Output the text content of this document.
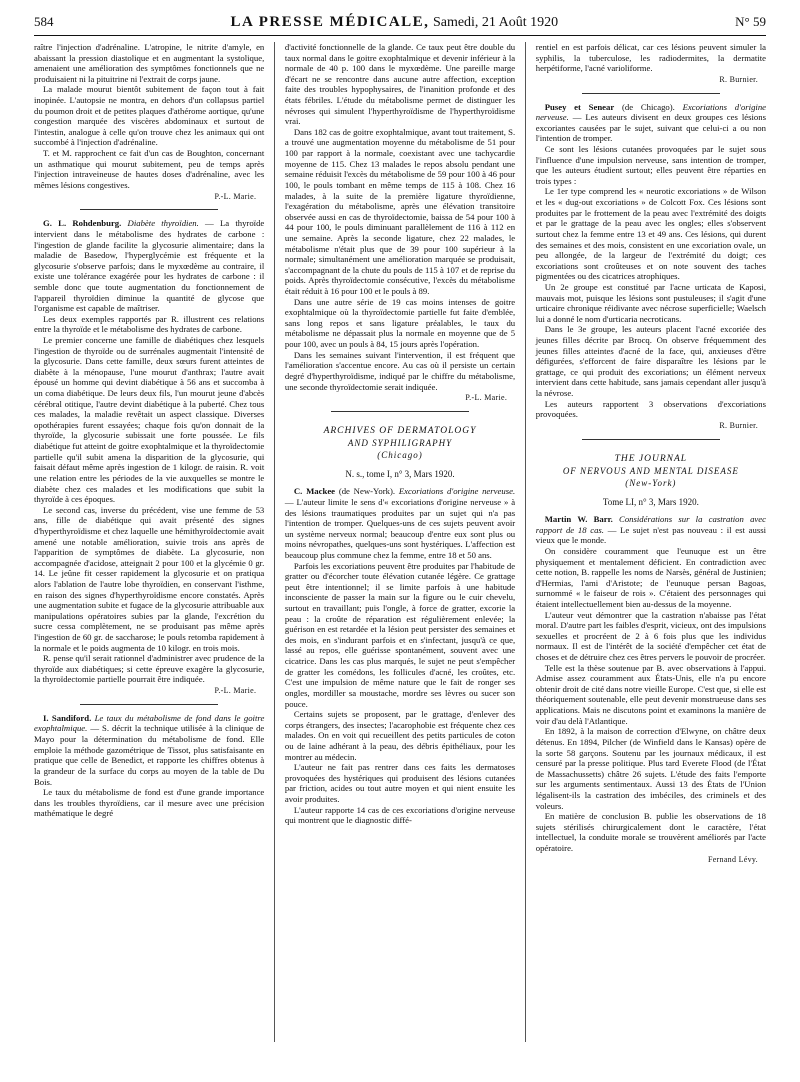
584	LA PRESSE MÉDICALE, Samedi, 21 Août 1920	N° 59

raître l'injection d'adrénaline. L'atropine, le nitrite d'amyle, en abaissant la pression diastolique et en augmentant la systolique, amenaient une amélioration des symptômes fonctionnels que ne produisaient ni la pituitrine ni l'extrait de corps jaune.

La malade mourut bientôt subitement de façon tout à fait inopinée. L'autopsie ne montra, en dehors d'un collapsus partiel du poumon droit et de petites plaques d'athérome aortique, qu'une congestion marquée des viscères abdominaux et surtout de l'intestin, analogue à celle qu'on trouve chez les animaux qui ont succombé à l'injection d'adrénaline.

T. et M. rapprochent ce fait d'un cas de Boughton, concernant un asthmatique qui mourut subitement, peu de temps après l'injection intraveineuse de hautes doses d'adrénaline, avec les mêmes lésions congestives.

P.-L. Marie.

G. L. Rohdenburg. Diabète thyroïdien. — La thyroïde intervient dans le métabolisme des hydrates de carbone : l'ingestion de glande facilite la glycosurie alimentaire; dans la maladie de Basedow, l'hyperglycémie est fréquente et la glycosurie s'observe parfois; dans le myxœdème au contraire, il existe une tolérance exagérée pour les hydrates de carbone : il semble donc que toute augmentation du fonctionnement de l'appareil thyroïdien diminue la quantité de glycose que l'organisme est capable de maîtriser.

Les deux exemples rapportés par R. illustrent ces relations entre la thyroïde et le métabolisme des hydrates de carbone.

Le premier concerne une famille de diabétiques chez lesquels l'ingestion de thyroïde ou de surrénales augmentait l'intensité de la glycosurie. Dans cette famille, deux sœurs furent atteintes de diabète à la ménopause, l'une mourut d'anthrax; l'autre avait épousé un homme qui devint diabétique à 56 ans et succomba à un coma diabétique. De leurs deux fils, l'un mourut jeune d'abcès cérébral otitique, l'autre devint diabétique à la puberté. Chez tous ces malades, la maladie revêtait un aspect classique. Diverses opothérapies furent essayées; chaque fois qu'on donnait de la thyroïde, la glycosurie subissait une forte poussée. Le fils diabétique fut atteint de goitre exophtalmique et la thyroïdectomie partielle qu'il subit amena la disparition de la glycosurie, qui faisait défaut même après ingestion de 1 kilogr. de raisin. R. voit une relation entre les périodes de la vie auxquelles se montre le diabète chez ces malades et les modifications que subit la thyroïde à ces époques.

Le second cas, inverse du précédent, vise une femme de 53 ans, fille de diabétique qui avait présenté des signes d'hyperthyroïdisme et chez laquelle une hémithyroïdectomie avait amené une notable amélioration, suivie trois ans après de l'apparition de symptômes de diabète. La glycosurie, non accompagnée d'acidose, atteignait 2 pour 100 et la glycémie 0 gr. 14. Le jeûne fit cesser rapidement la glycosurie et on pratiqua alors l'ablation de l'autre lobe thyroïdien, en conservant l'isthme, en raison des signes d'hyperthyroïdisme encore constatés. Après une augmentation subite et fugace de la glycosurie attribuable aux manipulations opératoires subies par la glande, l'excrétion du sucre cessa complètement, ne se produisant pas même après l'ingestion de 60 gr. de saccharose; le pouls retomba rapidement à la normale et le poids augmenta de 10 kilogr. en trois mois.

R. pense qu'il serait rationnel d'administrer avec prudence de la thyroïde aux diabétiques; si cette épreuve exagère la glycosurie, la thyroïdectomie partielle pourrait être indiquée.

P.-L. Marie.

I. Sandiford. Le taux du métabolisme de fond dans le goitre exophtalmique. — S. décrit la technique utilisée à la clinique de Mayo pour la détermination du métabolisme de fond. Elle emploie la méthode gazométrique de Tissot, plus satisfaisante en pratique que celle de Benedict, et rapporte les chiffres obtenus à la grandeur de la surface du corps au moyen de la table de Du Bois.

Le taux du métabolisme de fond est d'une grande importance dans les troubles thyroïdiens, car il mesure avec une précision mathématique le degré

d'activité fonctionnelle de la glande. Ce taux peut être double du taux normal dans le goitre exophtalmique et devenir inférieur à la normale de 40 p. 100 dans le myxœdème. Une pareille marge d'écart ne se rencontre dans aucune autre affection, exception faite des troubles hypophysaires, de l'inanition profonde et des états fébriles. L'étude du métabolisme permet de distinguer les névroses qui simulent l'hyperthyroïdisme de l'hyperthyroïdisme vrai.

Dans 182 cas de goitre exophtalmique, avant tout traitement, S. a trouvé une augmentation moyenne du métabolisme de 51 pour 100 par rapport à la normale, coexistant avec une tachycardie moyenne de 115. Chez 13 malades le repos absolu pendant une semaine réduisit l'excès du métabolisme de 59 pour 100 à 46 pour 100, le pouls tombant en même temps de 115 à 108. Chez 16 malades, à la suite de la première ligature thyroïdienne, l'exagération du métabolisme, après une élévation transitoire observée aussi en cas de thyroïdectomie, baissa de 54 pour 100 à 44 pour 100, le pouls diminuant parallèlement de 116 à 112 en une semaine. Après la seconde ligature, chez 22 malades, le métabolisme n'était plus que de 39 pour 100 supérieur à la normale; simultanément une amélioration marquée se produisait, s'accompagnant de la chute du pouls de 115 à 107 et de reprise du poids. Après thyroïdectomie consécutive, l'excès du métabolisme était réduit à 16 pour 100 et le pouls à 89.

Dans une autre série de 19 cas moins intenses de goitre exophtalmique où la thyroïdectomie partielle fut faite d'emblée, sans long repos et sans ligature préalables, le taux du métabolisme ne dépassait plus la normale en moyenne que de 5 pour 100, avec un pouls à 84, 15 jours après l'opération.

Dans les semaines suivant l'intervention, il est fréquent que l'amélioration s'accentue encore. Au cas où il persiste un certain degré d'hyperthyroïdisme, indiqué par le chiffre du métabolisme, une seconde thyroïdectomie serait indiquée.

P.-L. Marie.
ARCHIVES OF DERMATOLOGY
AND SYPHILIGRAPHY
(Chicago)
N. s., tome I, n° 3, Mars 1920.

C. Mackee (de New-York). Excoriations d'origine nerveuse. — L'auteur limite le sens d'« excoriations d'origine nerveuse » à des lésions traumatiques produites par un sujet qui n'a pas l'intention de tromper. Quelques-uns de ces sujets peuvent avoir un système nerveux normal; beaucoup d'entre eux sont plus ou moins névropathes, quelques-uns sont hystériques. L'affection est beaucoup plus commune chez la femme, entre 18 et 50 ans.

Parfois les excoriations peuvent être produites par l'habitude de gratter ou d'écorcher toute élévation cutanée légère. Ce grattage peut être intentionnel; il se limite parfois à une habitude inconsciente de passer la main sur la figure ou le cuir chevelu, surtout en travaillant; puis l'ongle, à force de gratter, excorie la peau : la croûte de réparation est régulièrement enlevée; la guérison en est retardée et la lésion peut persister des semaines et des mois, en s'indurant parfois et en s'infectant, jusqu'à ce que, lassé au repos, elle guérisse spontanément, souvent avec une cicatrice. Dans les cas plus marqués, le sujet ne peut s'empêcher de gratter les comédons, les follicules d'acné, les croûtes, etc. C'est une impulsion de même nature que le fait de ronger ses ongles, mordiller sa moustache, mordre ses lèvres ou sucer son pouce.

Certains sujets se proposent, par le grattage, d'enlever des corps étrangers, des insectes; l'acarophobie est fréquente chez ces malades. On en voit qui recueillent des petits particules de coton ou de laine adhérant à la peau, des débris épithéliaux, pour les montrer au médecin.

L'auteur ne fait pas rentrer dans ces faits les dermatoses provoquées des hystériques qui produisent des lésions cutanées par friction, acides ou tout autre moyen et qui nient ensuite les avoir produites.

L'auteur rapporte 14 cas de ces excoriations d'origine nerveuse qui montrent que le diagnostic diffé-

rentiel en est parfois délicat, car ces lésions peuvent simuler la syphilis, la tuberculose, les radiodermites, la dermatite herpétiforme, l'acné varioliforme.

R. Burnier.

Pusey et Senear (de Chicago). Excoriations d'origine nerveuse. — Les auteurs divisent en deux groupes ces lésions excoriantes causées par le sujet, suivant que celui-ci a ou non l'intention de tromper.

Ce sont les lésions cutanées provoquées par le sujet sous l'influence d'une impulsion nerveuse, sans intention de tromper, que les auteurs étudient surtout; elles peuvent être réparties en trois types :

Le 1er type comprend les « neurotic excoriations » de Wilson et les « dug-out excoriations » de Colcott Fox. Ces lésions sont produites par le frottement de la peau avec l'extrémité des doigts et par le grattage de la peau avec les ongles; elles s'observent surtout chez la femme entre 13 et 49 ans. Ces lésions, qui durent des semaines et des mois, consistent en une excoriation ovale, un peu allongée, de la largeur de l'extrémité du doigt; ces excoriations sont croûteuses et on note souvent des taches pigmentées ou des cicatrices atrophiques.

Un 2e groupe est constitué par l'acne urticata de Kaposi, mauvais mot, puisque les lésions sont pustuleuses; il s'agit d'une urticaire chronique réidivante avec nécrose superficielle; Waelsch lui a donné le nom d'urticaria necroticans.

Dans le 3e groupe, les auteurs placent l'acné excoriée des jeunes filles décrite par Brocq. On observe fréquemment des jeunes filles atteintes d'acné de la face, qui, anxieuses d'être défigurées, s'efforcent de faire disparaître les lésions par le grattage, ce qui produit des excoriations; un élément nerveux intervient dans cette habitude, sans jamais cependant aller jusqu'à la névrose.

Les auteurs rapportent 3 observations d'excoriations provoquées.

R. Burnier.
THE JOURNAL
OF NERVOUS AND MENTAL DISEASE
(New-York)
Tome LI, n° 3, Mars 1920.

Martin W. Barr. Considérations sur la castration avec rapport de 18 cas. — Le sujet n'est pas nouveau : il est aussi vieux que le monde.

On considère couramment que l'eunuque est un être physiquement et mentalement déficient. En contradiction avec cette notion, B. rappelle les noms de Narsès, général de Justinien; d'Hermias, l'ami d'Aristote; de l'eunuque persan Bagoas, surnommé « le faiseur de rois ». C'étaient des personnages qui étaient intellectuellement bien au-dessus de la moyenne.

L'auteur veut démontrer que la castration n'abaisse pas l'état moral. D'autre part les faibles d'esprit, vicieux, ont des impulsions sexuelles et procréent de 2 à 6 fois plus que les individus normaux. Il est de l'intérêt de la société d'empêcher cet état de choses et de détruire chez ces êtres pervers le pouvoir de procréer.

Telle est la thèse soutenue par B. avec observations à l'appui. Admise assez couramment aux États-Unis, elle n'a pu encore obtenir droit de cité dans notre vieille Europe. C'est que, si elle est théoriquement soutenable, elle peut devenir monstrueuse dans ses applications. Mais ne discutons point et examinons la manière de voir d'au delà l'Atlantique.

En 1892, à la maison de correction d'Elwyne, on châtre deux détenus. En 1894, Pilcher (de Winfield dans le Kansas) opère de la sorte 58 garçons. Soutenu par les journaux médicaux, il est censuré par la presse politique. Plus tard Everete Flood (de l'État de Massachussetts) châtre 26 sujets. L'étude des faits l'emporte sur les arguments sentimentaux. Aussi 13 des États de l'Union légalisent-ils la castration des imbéciles, des criminels et des voleurs.

En matière de conclusion B. publie les observations de 18 sujets stérilisés chirurgicalement dont le caractère, l'état intellectuel, la conduite morale se trouvèrent améliorés par l'acte opératoire.

Fernand Lévy.
